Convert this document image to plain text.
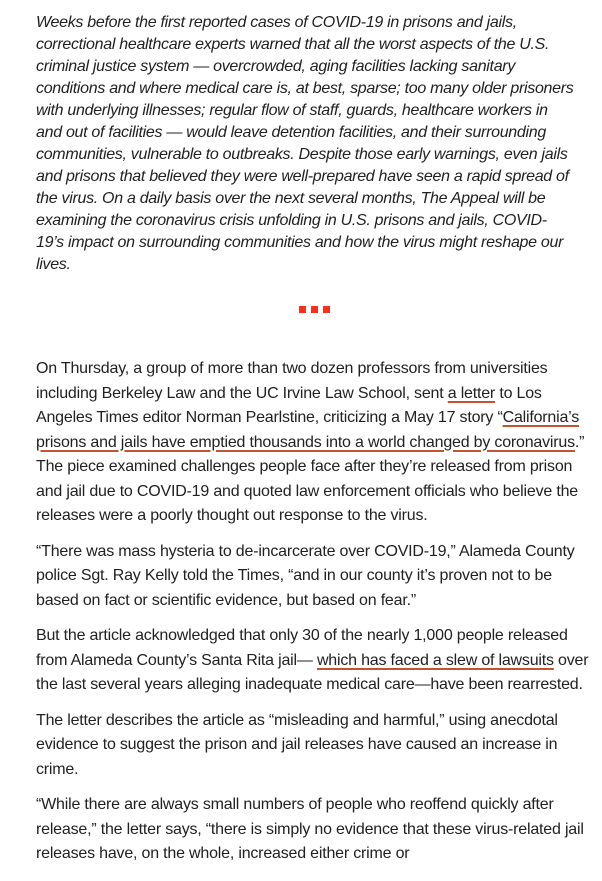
Weeks before the first reported cases of COVID-19 in prisons and jails, correctional healthcare experts warned that all the worst aspects of the U.S. criminal justice system — overcrowded, aging facilities lacking sanitary conditions and where medical care is, at best, sparse; too many older prisoners with underlying illnesses; regular flow of staff, guards, healthcare workers in and out of facilities — would leave detention facilities, and their surrounding communities, vulnerable to outbreaks. Despite those early warnings, even jails and prisons that believed they were well-prepared have seen a rapid spread of the virus. On a daily basis over the next several months, The Appeal will be examining the coronavirus crisis unfolding in U.S. prisons and jails, COVID-19’s impact on surrounding communities and how the virus might reshape our lives.

On Thursday, a group of more than two dozen professors from universities including Berkeley Law and the UC Irvine Law School, sent a letter to Los Angeles Times editor Norman Pearlstine, criticizing a May 17 story “California’s prisons and jails have emptied thousands into a world changed by coronavirus.” The piece examined challenges people face after they’re released from prison and jail due to COVID-19 and quoted law enforcement officials who believe the releases were a poorly thought out response to the virus.

“There was mass hysteria to de-incarcerate over COVID-19,” Alameda County police Sgt. Ray Kelly told the Times, “and in our county it’s proven not to be based on fact or scientific evidence, but based on fear.”

But the article acknowledged that only 30 of the nearly 1,000 people released from Alameda County’s Santa Rita jail— which has faced a slew of lawsuits over the last several years alleging inadequate medical care—have been rearrested.

The letter describes the article as “misleading and harmful,” using anecdotal evidence to suggest the prison and jail releases have caused an increase in crime.

“While there are always small numbers of people who reoffend quickly after release,” the letter says, “there is simply no evidence that these virus-related jail releases have, on the whole, increased either crime or
